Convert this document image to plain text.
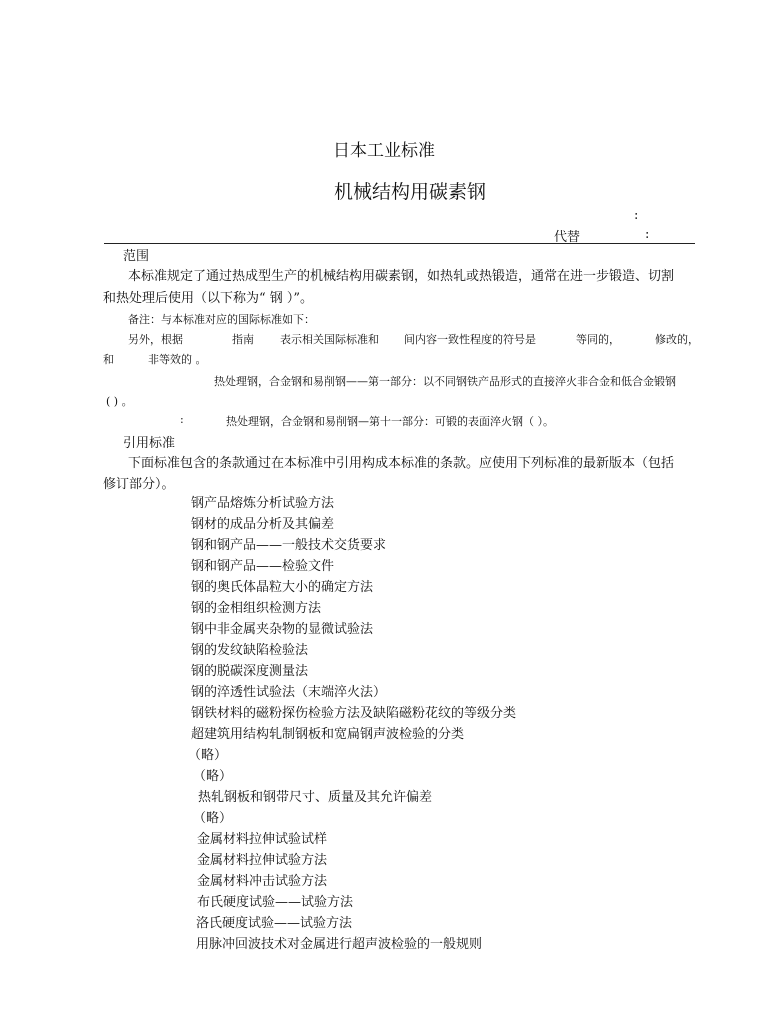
日本工业标准
机械结构用碳素钢
:
代替	:
范围
本标准规定了通过热成型生产的机械结构用碳素钢，如热轧或热锻造，通常在进一步锻造、切割
和热处理后使用（以下称为“ 钢 ）”。
备注：与本标准对应的国际标准如下：
另外，根据	指南 表示相关国际标准和 间内容一致性程度的符号是	等同的，	修改的，
和	非等效的 。
热处理钢，合金钢和易削钢——第一部分：以不同钢铁产品形式的直接淬火非合金和低合金锻钢
( ) 。
:	热处理钢，合金钢和易削钢—第十一部分：可锻的表面淬火钢（ ）。
引用标准
下面标准包含的条款通过在本标准中引用构成本标准的条款。应使用下列标准的最新版本（包括
修订部分）。
钢产品熔炼分析试验方法
钢材的成品分析及其偏差
钢和钢产品——一般技术交货要求
钢和钢产品——检验文件
钢的奥氏体晶粒大小的确定方法
钢的金相组织检测方法
钢中非金属夹杂物的显微试验法
钢的发纹缺陷检验法
钢的脱碳深度测量法
钢的淬透性试验法（末端淬火法）
钢铁材料的磁粉探伤检验方法及缺陷磁粉花纹的等级分类
超建筑用结构轧制钢板和宽扁钢声波检验的分类
（略）
（略）
热轧钢板和钢带尺寸、质量及其允许偏差
（略）
金属材料拉伸试验试样
金属材料拉伸试验方法
金属材料冲击试验方法
布氏硬度试验——试验方法
洛氏硬度试验——试验方法
用脉冲回波技术对金属进行超声波检验的一般规则
